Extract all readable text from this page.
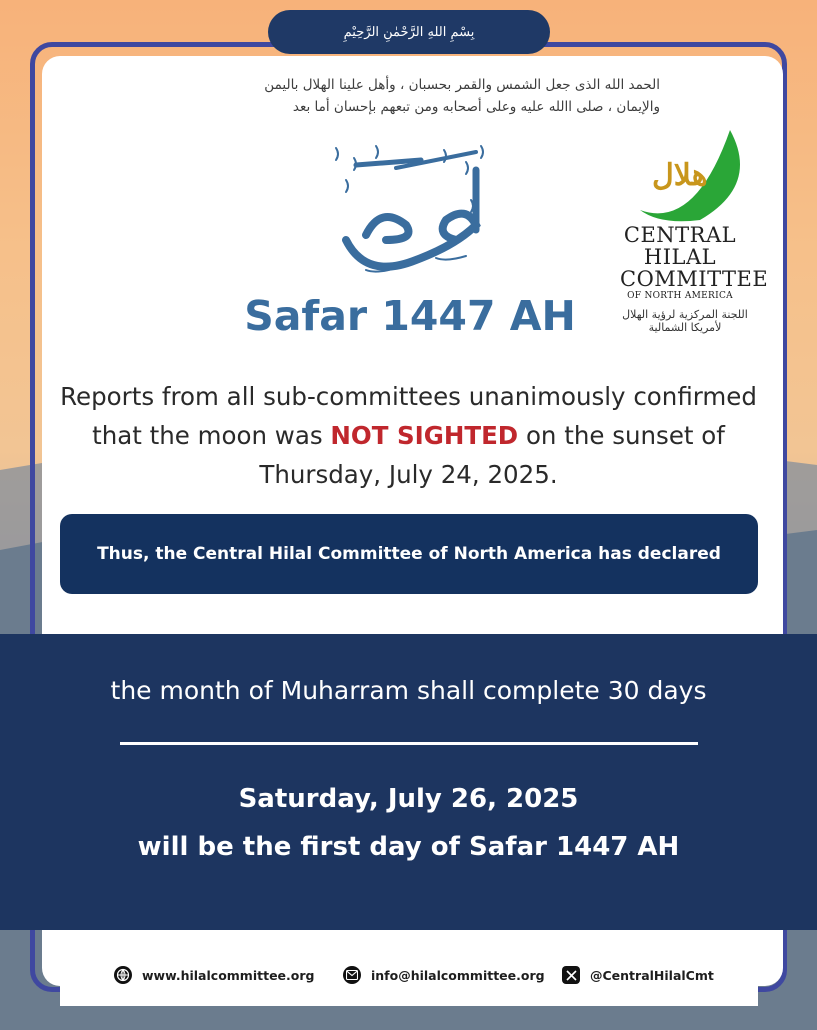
بِسْمِ اللهِ الرَّحْمٰنِ الرَّحِيْمِ
الحمد الله الذى جعل الشمس والقمر بحسبان ، وأهل علينا الهلال باليمن
والإيمان ، صلى االله عليه وعلى أصحابه ومن تبعهم بإحسان أما بعد
Safar 1447 AH
هلال
CENTRAL
HILAL
COMMITTEE
OF NORTH AMERICA
اللجنة المركزية لرؤية الهلال لأمريكا الشمالية
Reports from all sub-committees unanimously confirmed that the moon was NOT SIGHTED on the sunset of Thursday, July 24, 2025.
Thus, the Central Hilal Committee of North America has declared
the month of Muharram shall complete 30 days
Saturday, July 26, 2025
will be the first day of Safar 1447 AH
www.hilalcommittee.org	info@hilalcommittee.org	@CentralHilalCmt
